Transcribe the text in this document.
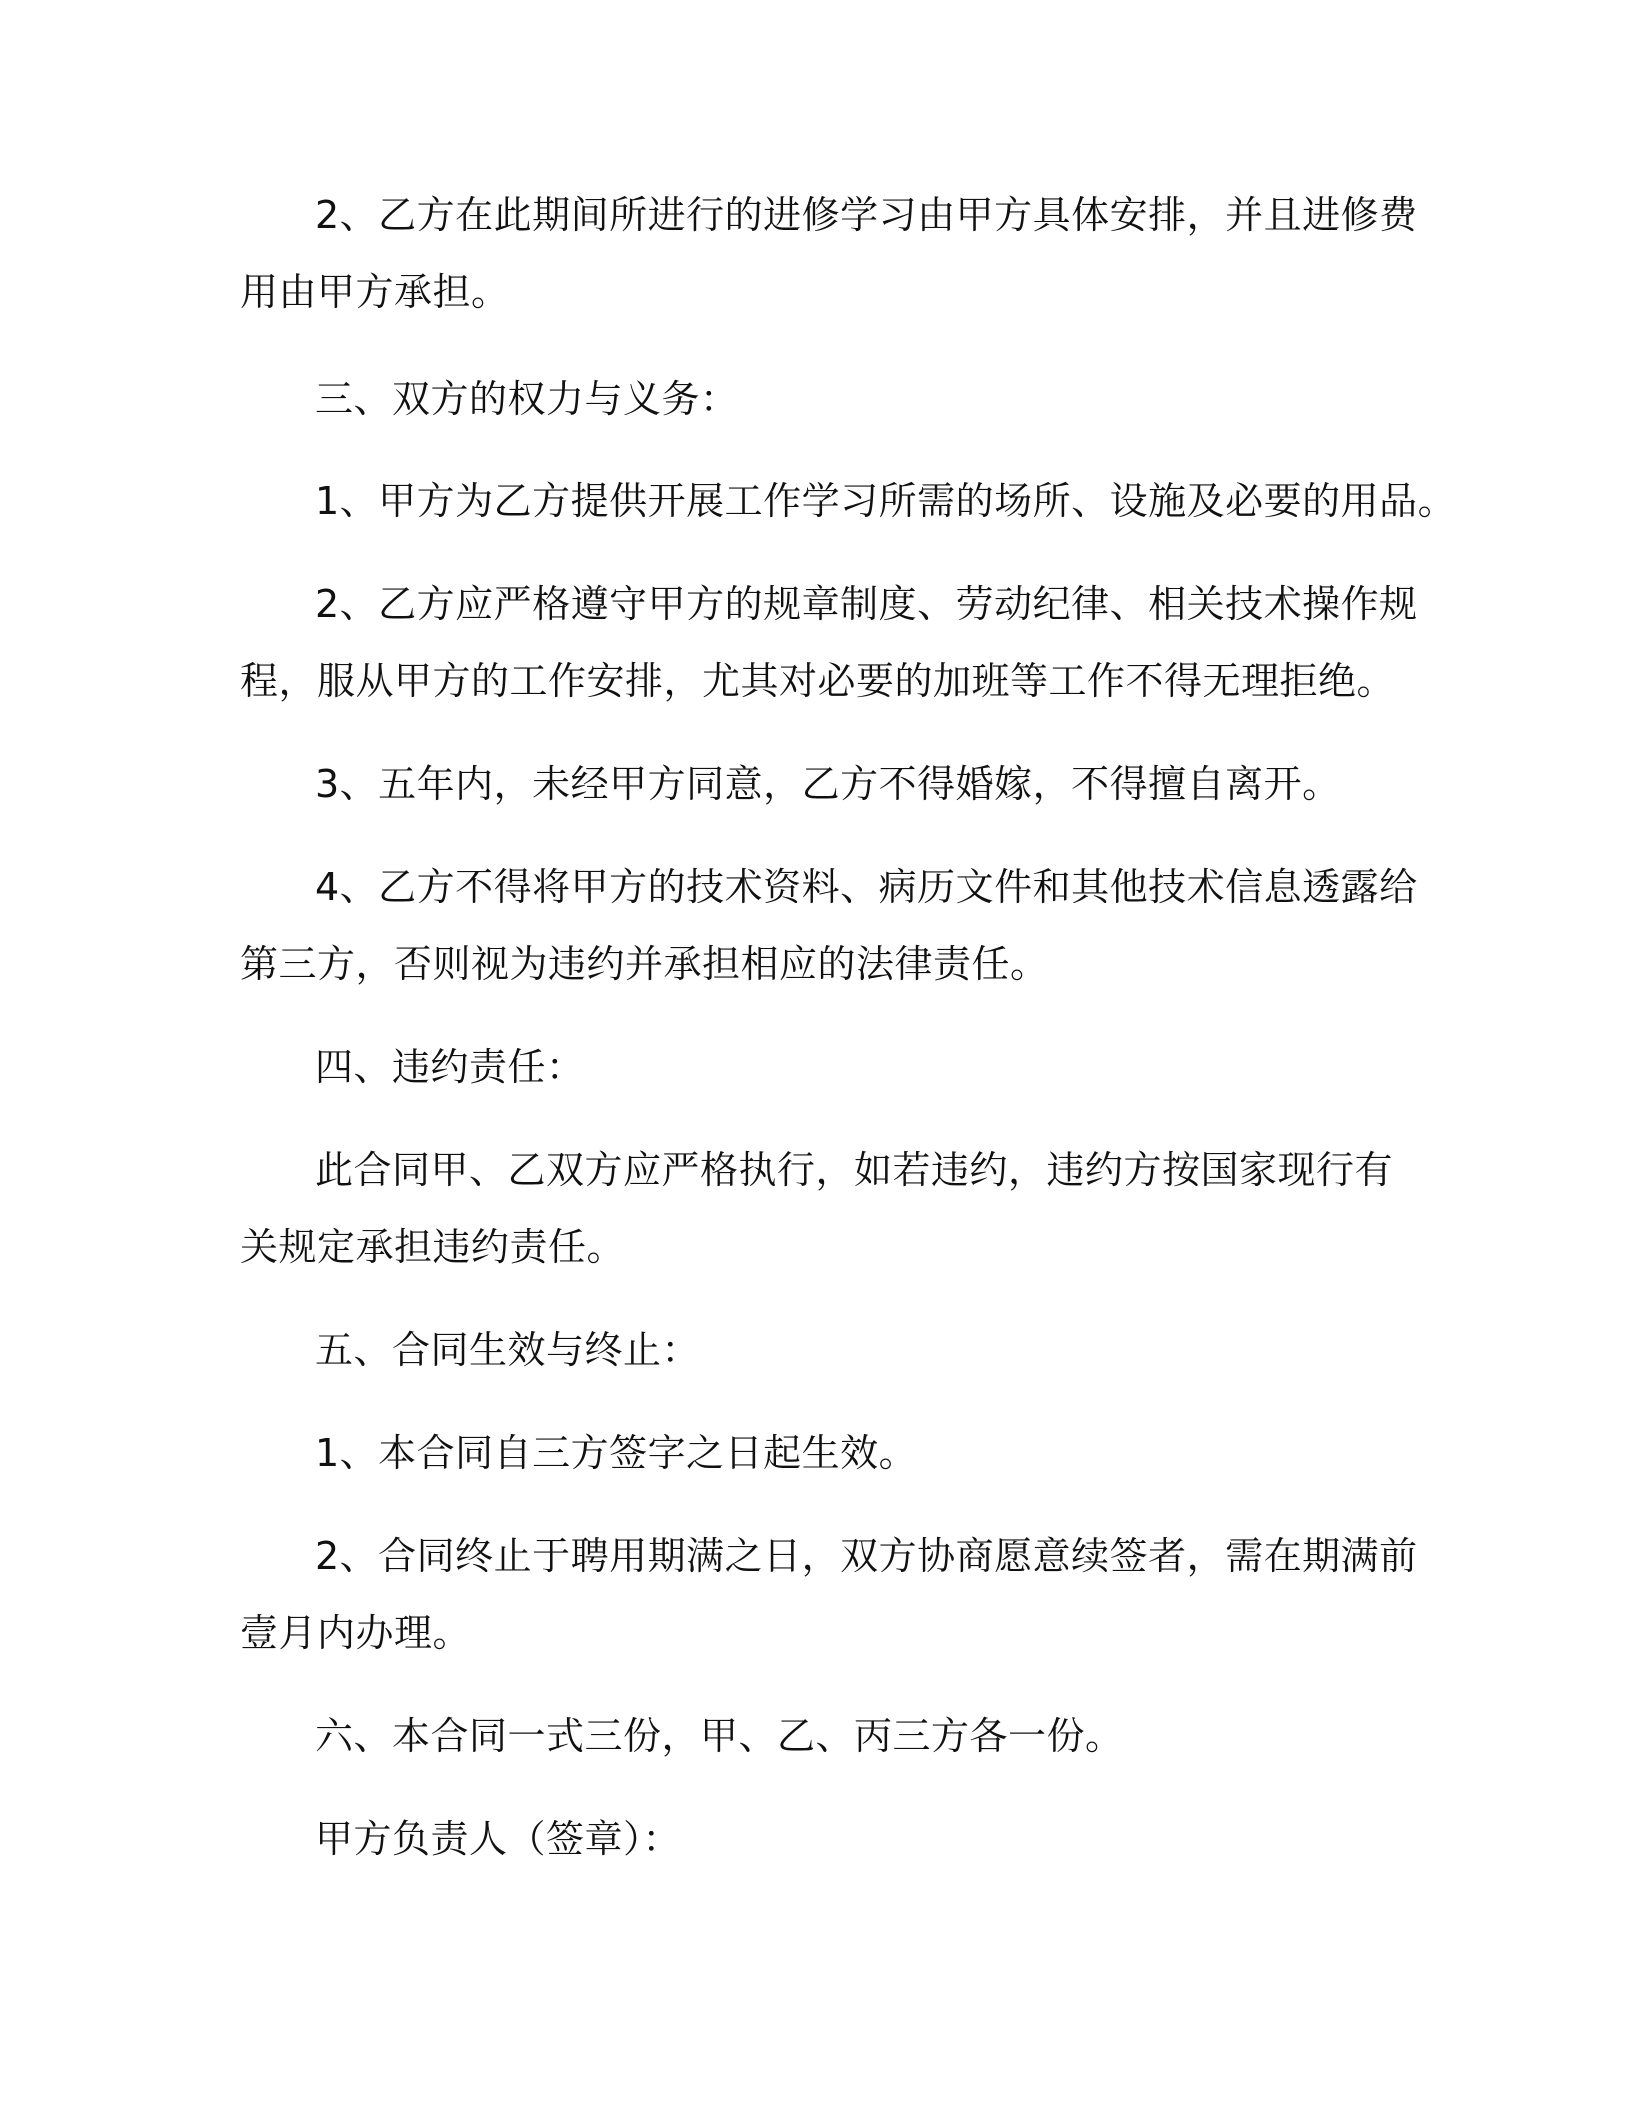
2、乙方在此期间所进行的进修学习由甲方具体安排，并且进修费

用由甲方承担。

三、双方的权力与义务：

1、甲方为乙方提供开展工作学习所需的场所、设施及必要的用品。

2、乙方应严格遵守甲方的规章制度、劳动纪律、相关技术操作规

程，服从甲方的工作安排，尤其对必要的加班等工作不得无理拒绝。

3、五年内，未经甲方同意，乙方不得婚嫁，不得擅自离开。

4、乙方不得将甲方的技术资料、病历文件和其他技术信息透露给

第三方，否则视为违约并承担相应的法律责任。

四、违约责任：

此合同甲、乙双方应严格执行，如若违约，违约方按国家现行有

关规定承担违约责任。

五、合同生效与终止：

1、本合同自三方签字之日起生效。

2、合同终止于聘用期满之日，双方协商愿意续签者，需在期满前

壹月内办理。

六、本合同一式三份，甲、乙、丙三方各一份。

甲方负责人（签章）：
